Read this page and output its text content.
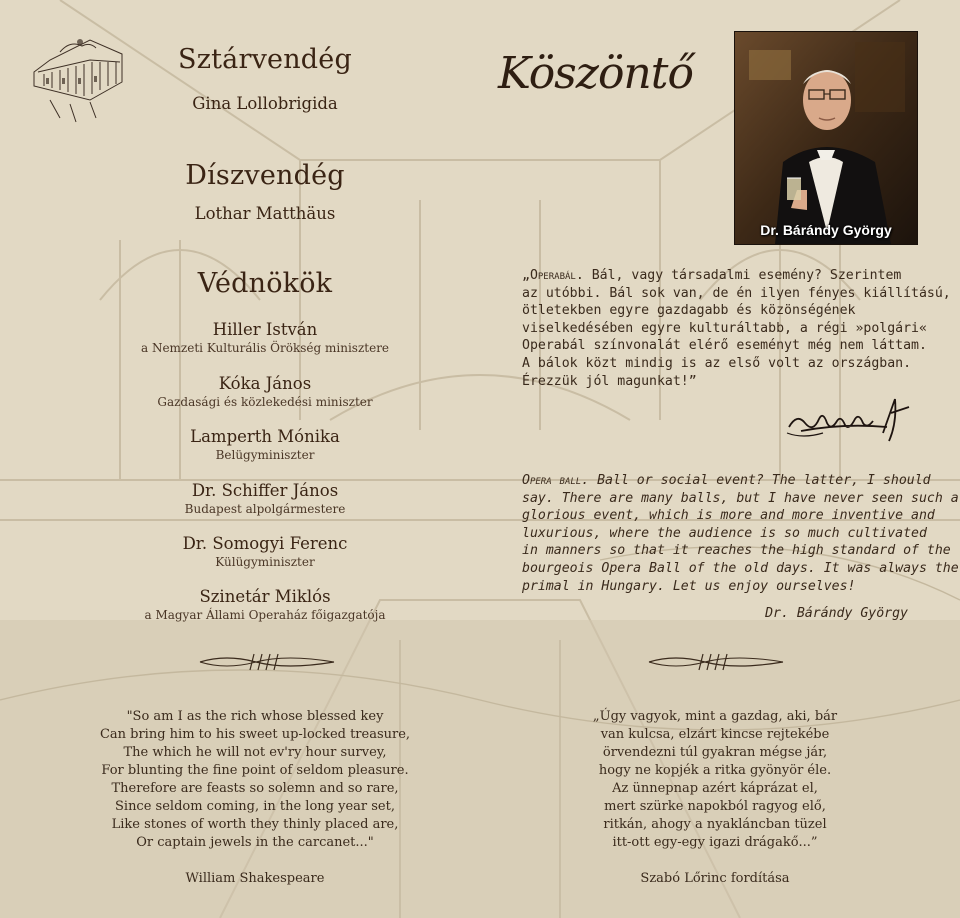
Sztárvendég
Gina Lollobrigida
Díszvendég
Lothar Matthäus
Védnökök
Hiller István
a Nemzeti Kulturális Örökség minisztere
Kóka János
Gazdasági és közlekedési miniszter
Lamperth Mónika
Belügyminiszter
Dr. Schiffer János
Budapest alpolgármestere
Dr. Somogyi Ferenc
Külügyminiszter
Szinetár Miklós
a Magyar Állami Operaház főigazgatója
Köszöntő
Dr. Bárándy György
„Operabál. Bál, vagy társadalmi esemény? Szerintem
az utóbbi. Bál sok van, de én ilyen fényes kiállítású,
ötletekben egyre gazdagabb és közönségének
viselkedésében egyre kulturáltabb, a régi »polgári«
Operabál színvonalát elérő eseményt még nem láttam.
A bálok közt mindig is az első volt az országban.
Érezzük jól magunkat!”
Opera ball. Ball or social event? The latter, I should
say. There are many balls, but I have never seen such a
glorious event, which is more and more inventive and
luxurious, where the audience is so much cultivated
in manners so that it reaches the high standard of the
bourgeois Opera Ball of the old days. It was always the
primal in Hungary. Let us enjoy ourselves!
Dr. Bárándy György
"So am I as the rich whose blessed key
Can bring him to his sweet up-locked treasure,
The which he will not ev'ry hour survey,
For blunting the fine point of seldom pleasure.
Therefore are feasts so solemn and so rare,
Since seldom coming, in the long year set,
Like stones of worth they thinly placed are,
Or captain jewels in the carcanet..."
William Shakespeare
„Úgy vagyok, mint a gazdag, aki, bár
van kulcsa, elzárt kincse rejtekébe
örvendezni túl gyakran mégse jár,
hogy ne kopjék a ritka gyönyör éle.
Az ünnepnap azért káprázat el,
mert szürke napokból ragyog elő,
ritkán, ahogy a nyakláncban tüzel
itt-ott egy-egy igazi drágakő...”
Szabó Lőrinc fordítása
